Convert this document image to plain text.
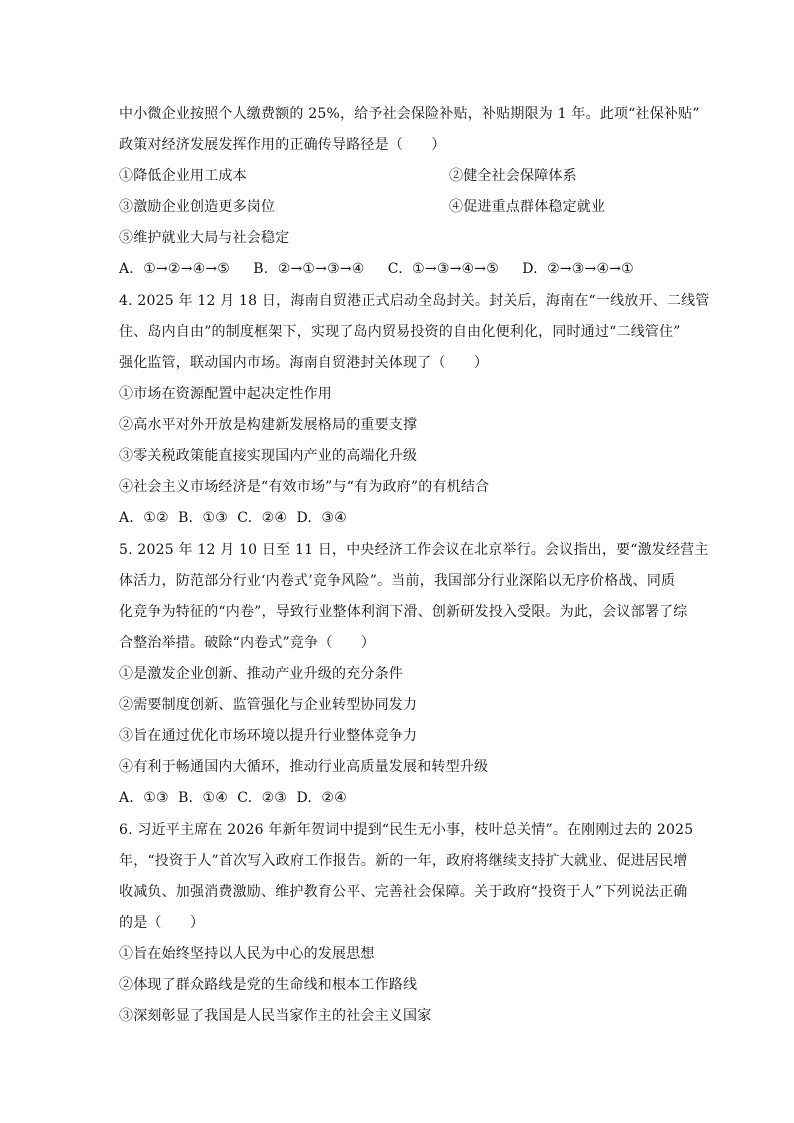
中小微企业按照个人缴费额的 25%，给予社会保险补贴，补贴期限为 1 年。此项“社保补贴”
政策对经济发展发挥作用的正确传导路径是（　　）
①降低企业用工成本	②健全社会保障体系
③激励企业创造更多岗位	④促进重点群体稳定就业
⑤维护就业大局与社会稳定
A.  ①→②→④→⑤     B.  ②→①→③→④     C.  ①→③→④→⑤     D.  ②→③→④→①
4. 2025 年 12 月 18 日，海南自贸港正式启动全岛封关。封关后，海南在“一线放开、二线管
住、岛内自由”的制度框架下，实现了岛内贸易投资的自由化便利化，同时通过“二线管住”
强化监管，联动国内市场。海南自贸港封关体现了（　　）
①市场在资源配置中起决定性作用
②高水平对外开放是构建新发展格局的重要支撑
③零关税政策能直接实现国内产业的高端化升级
④社会主义市场经济是“有效市场”与“有为政府”的有机结合
A.  ①②  B.  ①③  C.  ②④  D.  ③④
5. 2025 年 12 月 10 日至 11 日，中央经济工作会议在北京举行。会议指出，要“激发经营主
体活力，防范部分行业‘内卷式’竞争风险”。当前，我国部分行业深陷以无序价格战、同质
化竞争为特征的“内卷”，导致行业整体利润下滑、创新研发投入受限。为此，会议部署了综
合整治举措。破除“内卷式”竞争（　　）
①是激发企业创新、推动产业升级的充分条件
②需要制度创新、监管强化与企业转型协同发力
③旨在通过优化市场环境以提升行业整体竞争力
④有利于畅通国内大循环，推动行业高质量发展和转型升级
A.  ①③  B.  ①④  C.  ②③  D.  ②④
6. 习近平主席在 2026 年新年贺词中提到“民生无小事，枝叶总关情”。在刚刚过去的 2025
年，“投资于人”首次写入政府工作报告。新的一年，政府将继续支持扩大就业、促进居民增
收减负、加强消费激励、维护教育公平、完善社会保障。关于政府“投资于人”下列说法正确
的是（　　）
①旨在始终坚持以人民为中心的发展思想
②体现了群众路线是党的生命线和根本工作路线
③深刻彰显了我国是人民当家作主的社会主义国家
